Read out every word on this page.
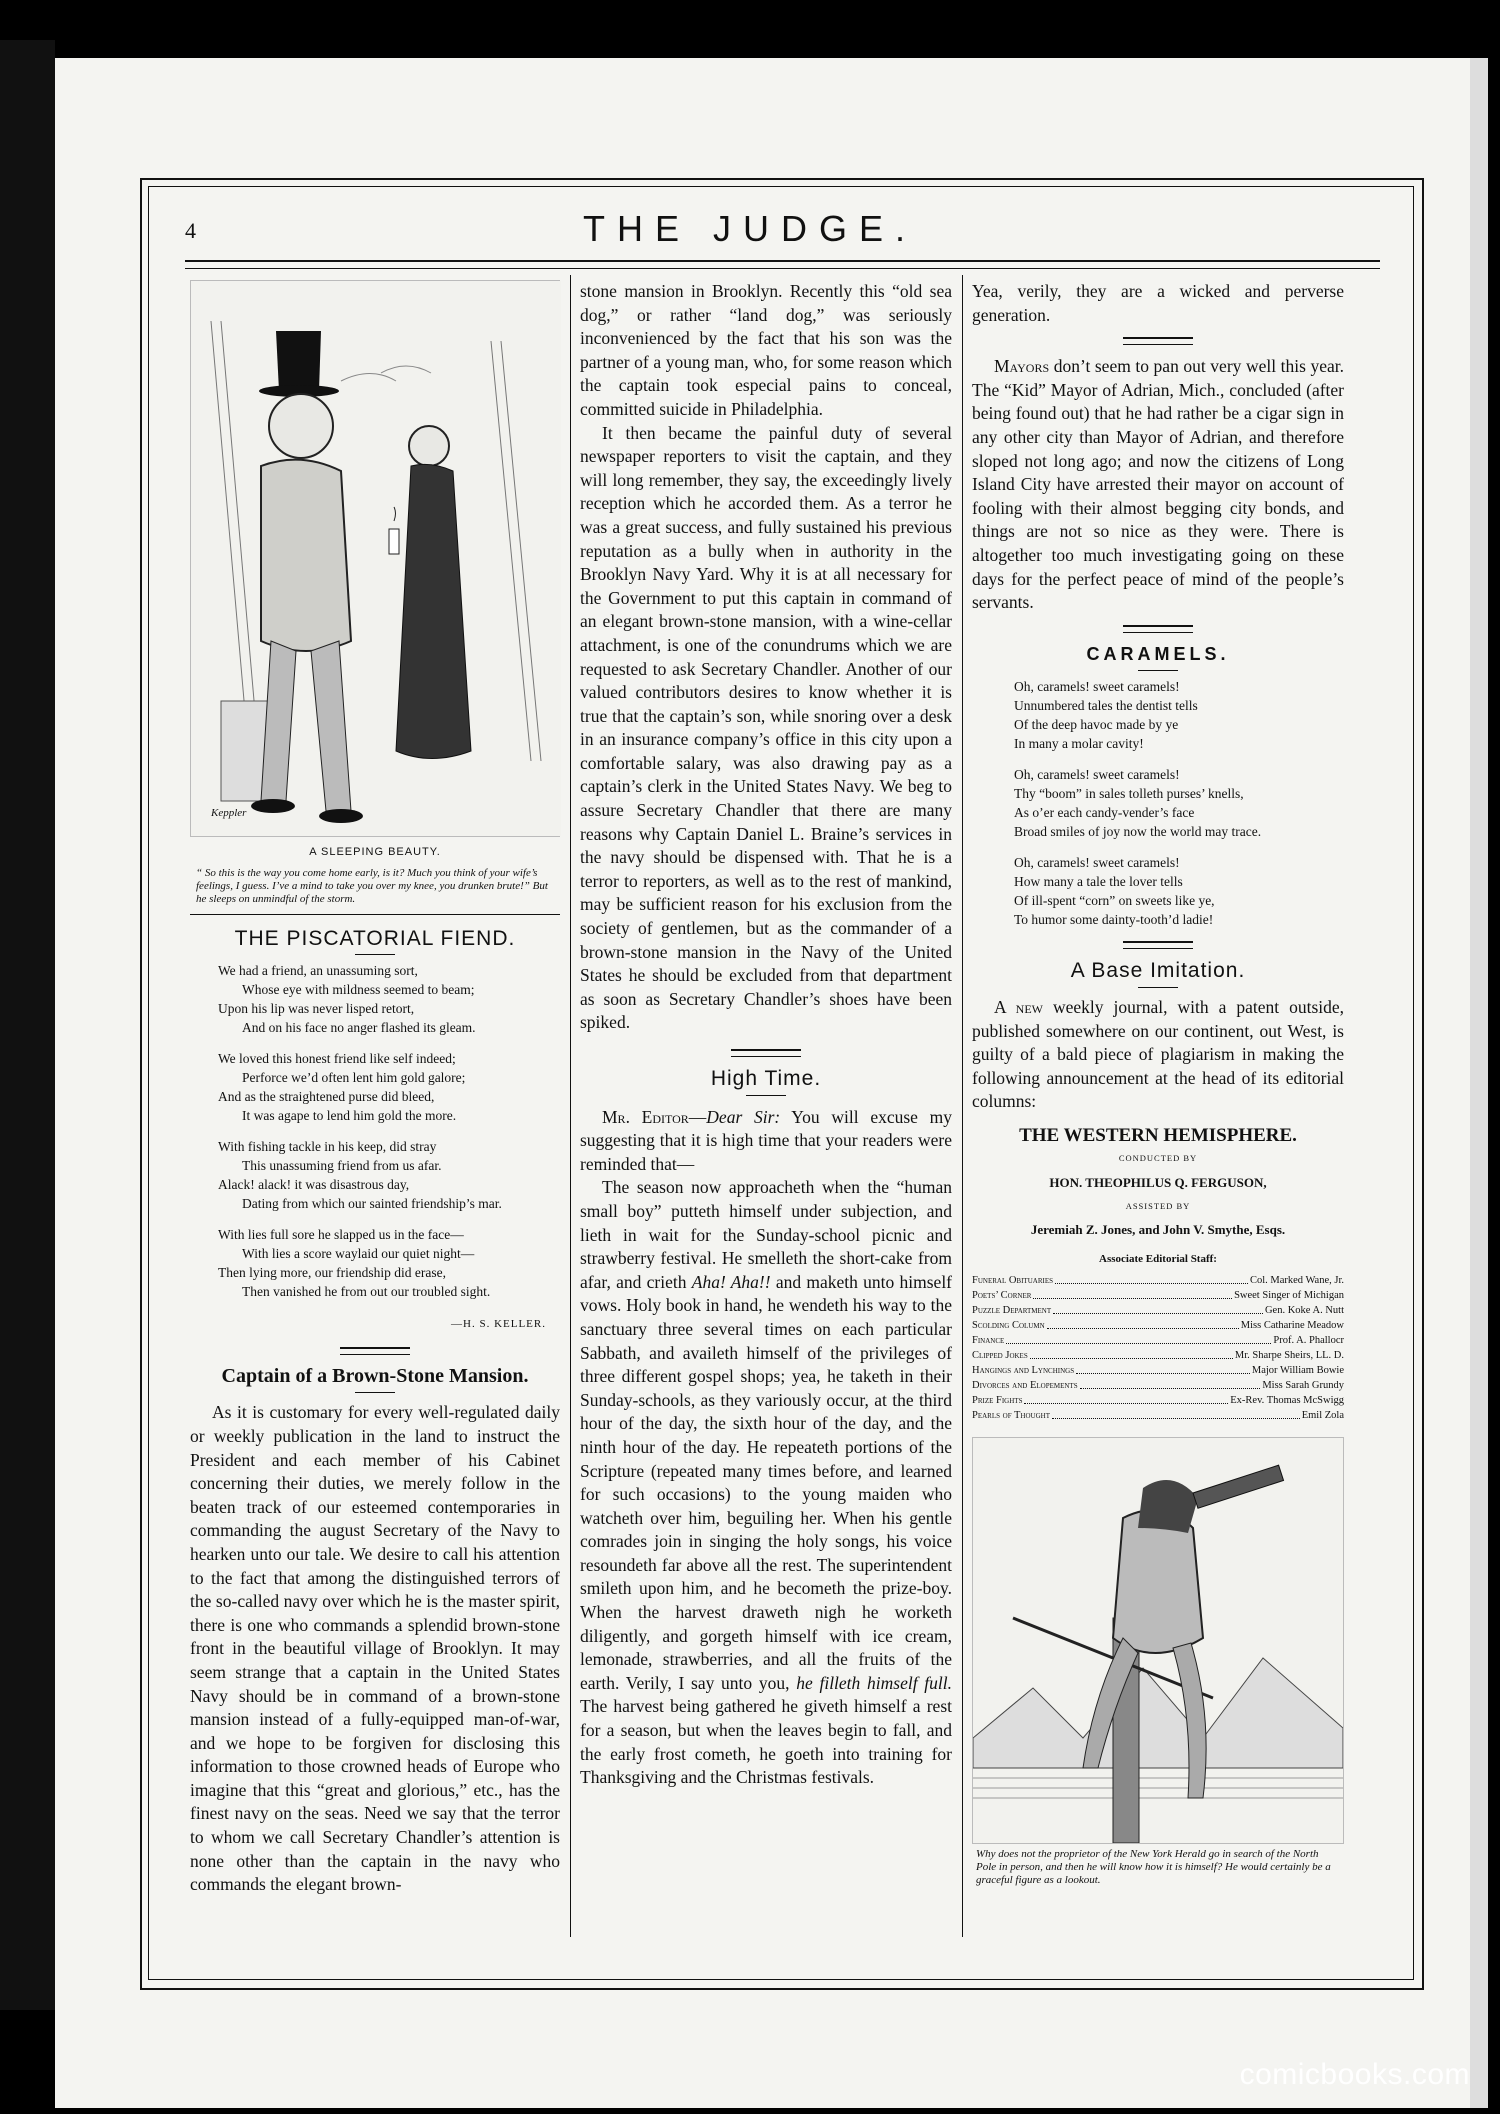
4	THE JUDGE.
Keppler
A SLEEPING BEAUTY.
“ So this is the way you come home early, is it? Much you think of your wife’s feelings, I guess. I’ve a mind to take you over my knee, you drunken brute!” But he sleeps on unmindful of the storm.
THE PISCATORIAL FIEND.
We had a friend, an unassuming sort,
Whose eye with mildness seemed to beam;
Upon his lip was never lisped retort,
And on his face no anger flashed its gleam.
We loved this honest friend like self indeed;
Perforce we’d often lent him gold galore;
And as the straightened purse did bleed,
It was agape to lend him gold the more.
With fishing tackle in his keep, did stray
This unassuming friend from us afar.
Alack! alack! it was disastrous day,
Dating from which our sainted friendship’s mar.
With lies full sore he slapped us in the face—
With lies a score waylaid our quiet night—
Then lying more, our friendship did erase,
Then vanished he from out our troubled sight.
—H. S. KELLER.
Captain of a Brown-Stone Mansion.

As it is customary for every well-regulated daily or weekly publication in the land to instruct the President and each member of his Cabinet concerning their duties, we merely follow in the beaten track of our esteemed contemporaries in commanding the august Secretary of the Navy to hearken unto our tale. We desire to call his attention to the fact that among the distinguished terrors of the so-called navy over which he is the master spirit, there is one who commands a splendid brown-stone front in the beautiful village of Brooklyn. It may seem strange that a captain in the United States Navy should be in command of a brown-stone mansion instead of a fully-equipped man-of-war, and we hope to be forgiven for disclosing this information to those crowned heads of Europe who imagine that this “great and glorious,” etc., has the finest navy on the seas. Need we say that the terror to whom we call Secretary Chandler’s attention is none other than the captain in the navy who commands the elegant brown-

stone mansion in Brooklyn. Recently this “old sea dog,” or rather “land dog,” was seriously inconvenienced by the fact that his son was the partner of a young man, who, for some reason which the captain took especial pains to conceal, committed suicide in Philadelphia.

It then became the painful duty of several newspaper reporters to visit the captain, and they will long remember, they say, the exceedingly lively reception which he accorded them. As a terror he was a great success, and fully sustained his previous reputation as a bully when in authority in the Brooklyn Navy Yard. Why it is at all necessary for the Government to put this captain in command of an elegant brown-stone mansion, with a wine-cellar attachment, is one of the conundrums which we are requested to ask Secretary Chandler. Another of our valued contributors desires to know whether it is true that the captain’s son, while snoring over a desk in an insurance company’s office in this city upon a comfortable salary, was also drawing pay as a captain’s clerk in the United States Navy. We beg to assure Secretary Chandler that there are many reasons why Captain Daniel L. Braine’s services in the navy should be dispensed with. That he is a terror to reporters, as well as to the rest of mankind, may be sufficient reason for his exclusion from the society of gentlemen, but as the commander of a brown-stone mansion in the Navy of the United States he should be excluded from that department as soon as Secretary Chandler’s shoes have been spiked.

High Time.

Mr. Editor—Dear Sir: You will excuse my suggesting that it is high time that your readers were reminded that—

The season now approacheth when the “human small boy” putteth himself under subjection, and lieth in wait for the Sunday-school picnic and strawberry festival. He smelleth the short-cake from afar, and crieth Aha! Aha!! and maketh unto himself vows. Holy book in hand, he wendeth his way to the sanctuary three several times on each particular Sabbath, and availeth himself of the privileges of three different gospel shops; yea, he taketh in their Sunday-schools, as they variously occur, at the third hour of the day, the sixth hour of the day, and the ninth hour of the day. He repeateth portions of the Scripture (repeated many times before, and learned for such occasions) to the young maiden who watcheth over him, beguiling her. When his gentle comrades join in singing the holy songs, his voice resoundeth far above all the rest. The superintendent smileth upon him, and he becometh the prize-boy. When the harvest draweth nigh he worketh diligently, and gorgeth himself with ice cream, lemonade, strawberries, and all the fruits of the earth. Verily, I say unto you, he filleth himself full. The harvest being gathered he giveth himself a rest for a season, but when the leaves begin to fall, and the early frost cometh, he goeth into training for Thanksgiving and the Christmas festivals.

Yea, verily, they are a wicked and perverse generation.

Mayors don’t seem to pan out very well this year. The “Kid” Mayor of Adrian, Mich., concluded (after being found out) that he had rather be a cigar sign in any other city than Mayor of Adrian, and therefore sloped not long ago; and now the citizens of Long Island City have arrested their mayor on account of fooling with their almost begging city bonds, and things are not so nice as they were. There is altogether too much investigating going on these days for the perfect peace of mind of the people’s servants.

CARAMELS.
Oh, caramels! sweet caramels!
Unnumbered tales the dentist tells
Of the deep havoc made by ye
In many a molar cavity!
Oh, caramels! sweet caramels!
Thy “boom” in sales tolleth purses’ knells,
As o’er each candy-vender’s face
Broad smiles of joy now the world may trace.
Oh, caramels! sweet caramels!
How many a tale the lover tells
Of ill-spent “corn” on sweets like ye,
To humor some dainty-tooth’d ladie!
A Base Imitation.

A new weekly journal, with a patent outside, published somewhere on our continent, out West, is guilty of a bald piece of plagiarism in making the following announcement at the head of its editorial columns:

THE WESTERN HEMISPHERE.
CONDUCTED BY
HON. THEOPHILUS Q. FERGUSON,
ASSISTED BY
Jeremiah Z. Jones, and John V. Smythe, Esqs.
Associate Editorial Staff:
Funeral Obituaries	Col. Marked Wane, Jr.
Poets’ Corner	Sweet Singer of Michigan
Puzzle Department	Gen. Koke A. Nutt
Scolding Column	Miss Catharine Meadow
Finance	Prof. A. Phallocr
Clipped Jokes	Mr. Sharpe Sheirs, LL. D.
Hangings and Lynchings	Major William Bowie
Divorces and Elopements	Miss Sarah Grundy
Prize Fights	Ex-Rev. Thomas McSwigg
Pearls of Thought	Emil Zola
Why does not the proprietor of the New York Herald go in search of the North Pole in person, and then he will know how it is himself? He would certainly be a graceful figure as a lookout.
comicbooks.com
